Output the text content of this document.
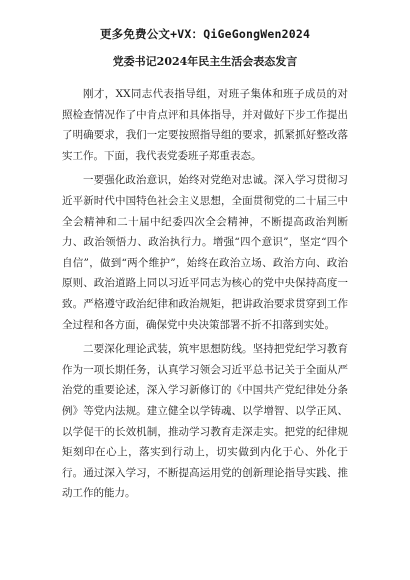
更多免费公文+VX：QiGeGongWen2024
党委书记2024年民主生活会表态发言

刚才，XX同志代表指导组，对班子集体和班子成员的对照检查情况作了中肯点评和具体指导，并对做好下步工作提出了明确要求，我们一定要按照指导组的要求，抓紧抓好整改落实工作。下面，我代表党委班子郑重表态。

一要强化政治意识，始终对党绝对忠诚。深入学习贯彻习近平新时代中国特色社会主义思想，全面贯彻党的二十届三中全会精神和二十届中纪委四次全会精神，不断提高政治判断力、政治领悟力、政治执行力。增强“四个意识”，坚定“四个自信”，做到“两个维护”，始终在政治立场、政治方向、政治原则、政治道路上同以习近平同志为核心的党中央保持高度一致。严格遵守政治纪律和政治规矩，把讲政治要求贯穿到工作全过程和各方面，确保党中央决策部署不折不扣落到实处。

二要深化理论武装，筑牢思想防线。坚持把党纪学习教育作为一项长期任务，认真学习领会习近平总书记关于全面从严治党的重要论述，深入学习新修订的《中国共产党纪律处分条例》等党内法规。建立健全以学铸魂、以学增智、以学正风、以学促干的长效机制，推动学习教育走深走实。把党的纪律规矩刻印在心上，落实到行动上，切实做到内化于心、外化于行。通过深入学习，不断提高运用党的创新理论指导实践、推动工作的能力。
